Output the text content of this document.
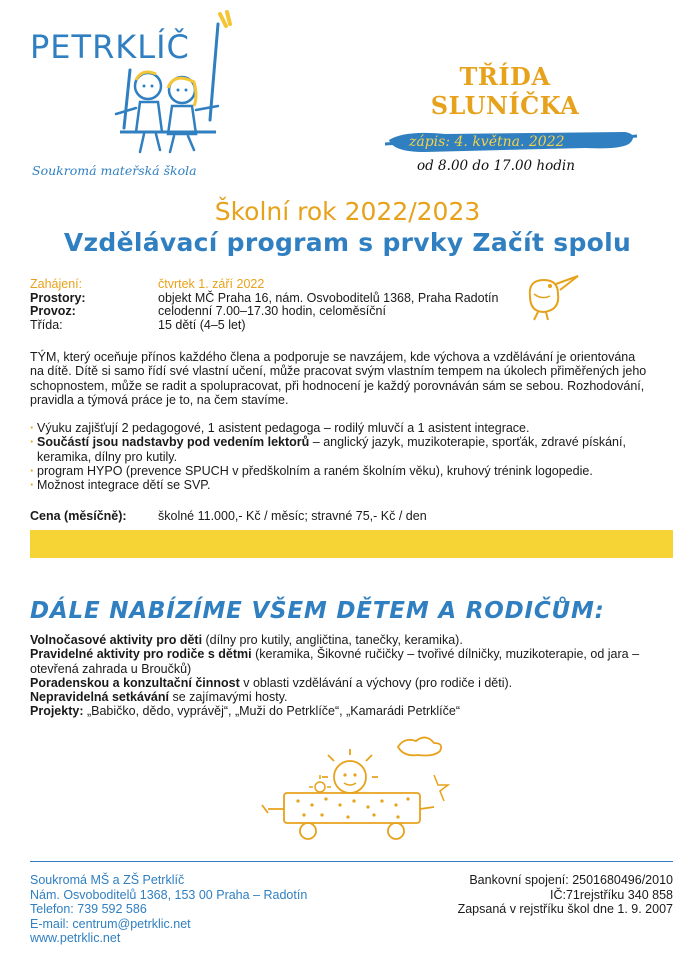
PETRKLÍČ
Soukromá mateřská škola
TŘÍDA
SLUNÍČKA
zápis: 4. května. 2022
od 8.00 do 17.00 hodin
Školní rok 2022/2023
Vzdělávací program s prvky Začít spolu
Zahájení:	čtvrtek 1. září 2022
Prostory:	objekt MČ Praha 16, nám. Osvoboditelů 1368, Praha Radotín
Provoz:	celodenní 7.00–17.30 hodin, celoměsíční
Třída:	15 dětí (4–5 let)
TÝM, který oceňuje přínos každého člena a podporuje se navzájem, kde výchova a vzdělávání je orientována na dítě. Dítě si samo řídí své vlastní učení, může pracovat svým vlastním tempem na úkolech přiměřených jeho schopnostem, může se radit a spolupracovat, při hodnocení je každý porovnáván sám se sebou. Rozhodování, pravidla a týmová práce je to, na čem stavíme.
· Výuku zajišťují 2 pedagogové, 1 asistent pedagoga – rodilý mluvčí a 1 asistent integrace.
· Součástí jsou nadstavby pod vedením lektorů – anglický jazyk, muzikoterapie, sporťák, zdravé pískání, keramika, dílny pro kutily.
· program HYPO (prevence SPUCH v předškolním a raném školním věku), kruhový trénink logopedie.
· Možnost integrace dětí se SVP.
Cena (měsíčně):	školné 11.000,- Kč / měsíc; stravné 75,- Kč / den
DÁLE NABÍZÍME VŠEM DĚTEM A RODIČŮM:
Volnočasové aktivity pro děti (dílny pro kutily, angličtina, tanečky, keramika).
Pravidelné aktivity pro rodiče s dětmi (keramika, Šikovné ručičky – tvořivé dílničky, muzikoterapie, od jara – otevřená zahrada u Broučků)
Poradenskou a konzultační činnost v oblasti vzdělávání a výchovy (pro rodiče i děti).
Nepravidelná setkávání se zajímavými hosty.
Projekty: „Babičko, dědo, vyprávěj“, „Muži do Petrklíče“, „Kamarádi Petrklíče“
Soukromá MŠ a ZŠ Petrklíč
Nám. Osvoboditelů 1368, 153 00 Praha – Radotín
Telefon: 739 592 586
E-mail: centrum@petrklic.net
www.petrklic.net
Bankovní spojení: 2501680496/2010
IČ:71rejstříku 340 858
Zapsaná v rejstříku škol dne 1. 9. 2007
